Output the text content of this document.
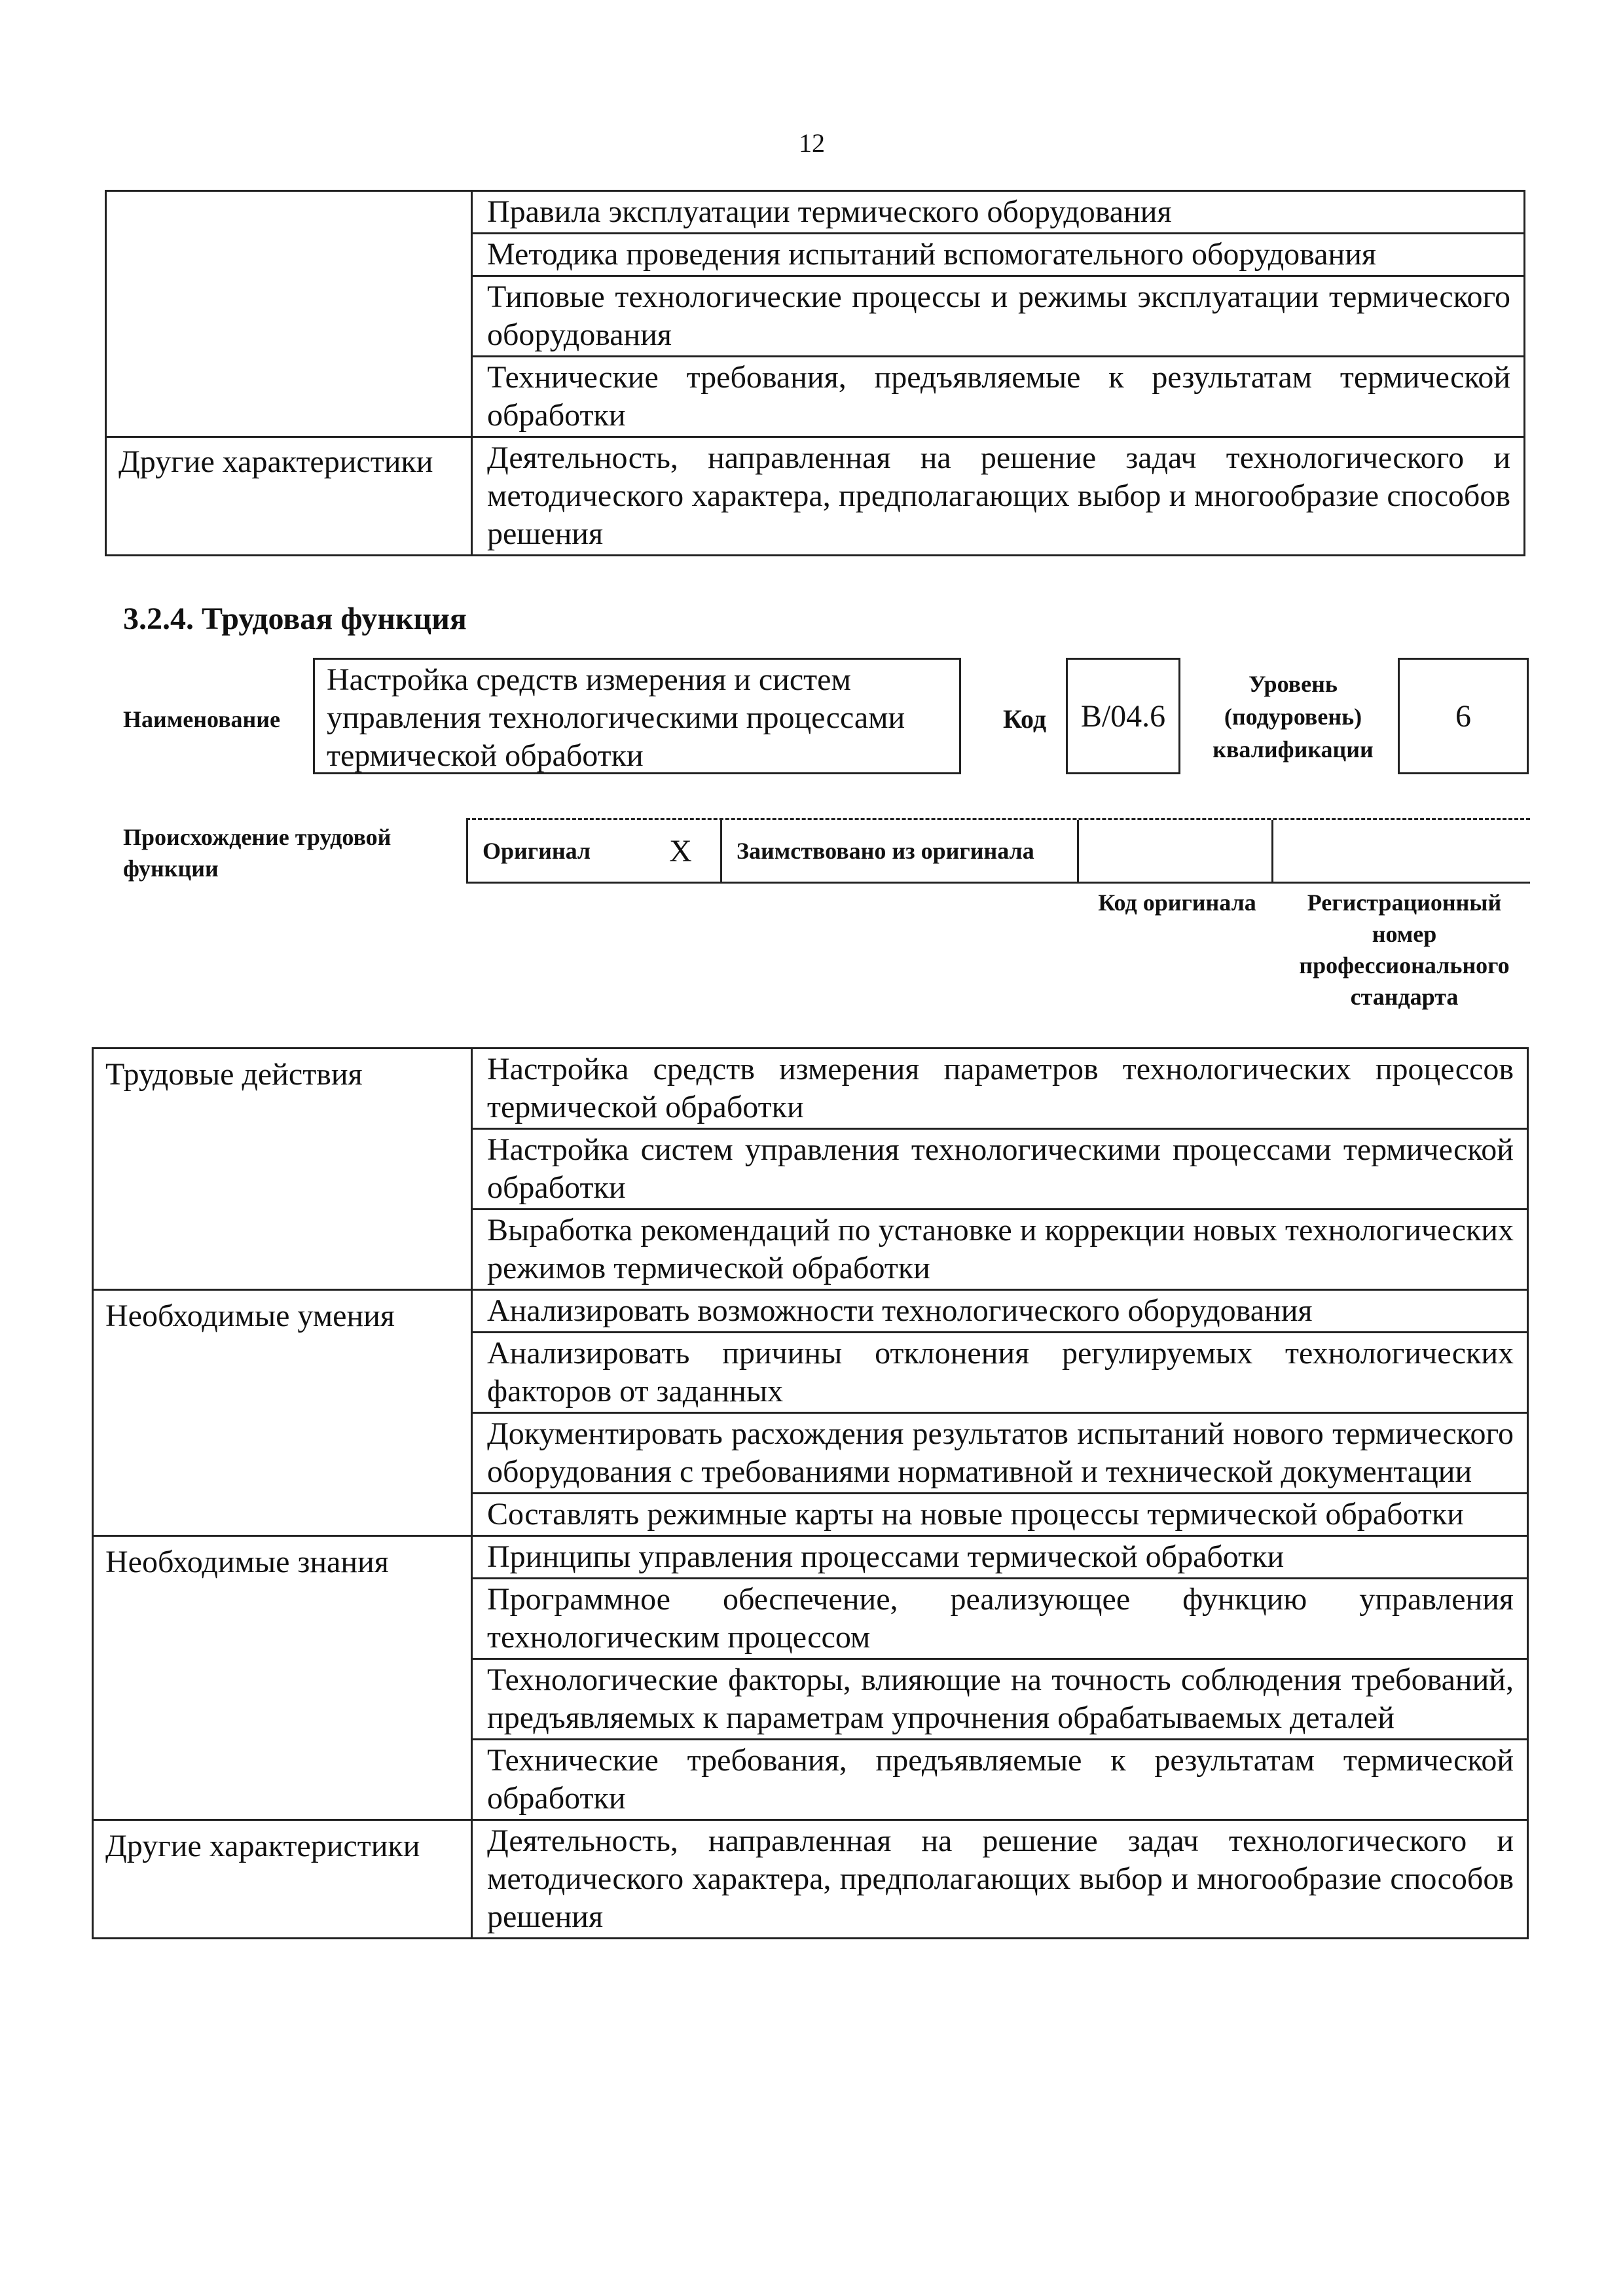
12
	Правила эксплуатации термического оборудования
	Методика проведения испытаний вспомогательного оборудования
	Типовые технологические процессы и режимы эксплуатации термического оборудования
	Технические требования, предъявляемые к результатам термической обработки
Другие характеристики	Деятельность, направленная на решение задач технологического и методического характера, предполагающих выбор и многообразие способов решения
3.2.4. Трудовая функция
Наименование
Настройка средств измерения и систем управления технологическими процессами термической обработки
Код B/04.6
Уровень (подуровень) квалификации
6
Происхождение трудовой функции
Оригинал	X Заимствовано из оригинала
Код оригинала	Регистрационный номер профессионального стандарта
Трудовые действия	Настройка средств измерения параметров технологических процессов термической обработки
	Настройка систем управления технологическими процессами термической обработки
	Выработка рекомендаций по установке и коррекции новых технологических режимов термической обработки
Необходимые умения	Анализировать возможности технологического оборудования
	Анализировать причины отклонения регулируемых технологических факторов от заданных
	Документировать расхождения результатов испытаний нового термического оборудования с требованиями нормативной и технической документации
	Составлять режимные карты на новые процессы термической обработки
Необходимые знания	Принципы управления процессами термической обработки
	Программное обеспечение, реализующее функцию управления технологическим процессом
	Технологические факторы, влияющие на точность соблюдения требований, предъявляемых к параметрам упрочнения обрабатываемых деталей
	Технические требования, предъявляемые к результатам термической обработки
Другие характеристики	Деятельность, направленная на решение задач технологического и методического характера, предполагающих выбор и многообразие способов решения
